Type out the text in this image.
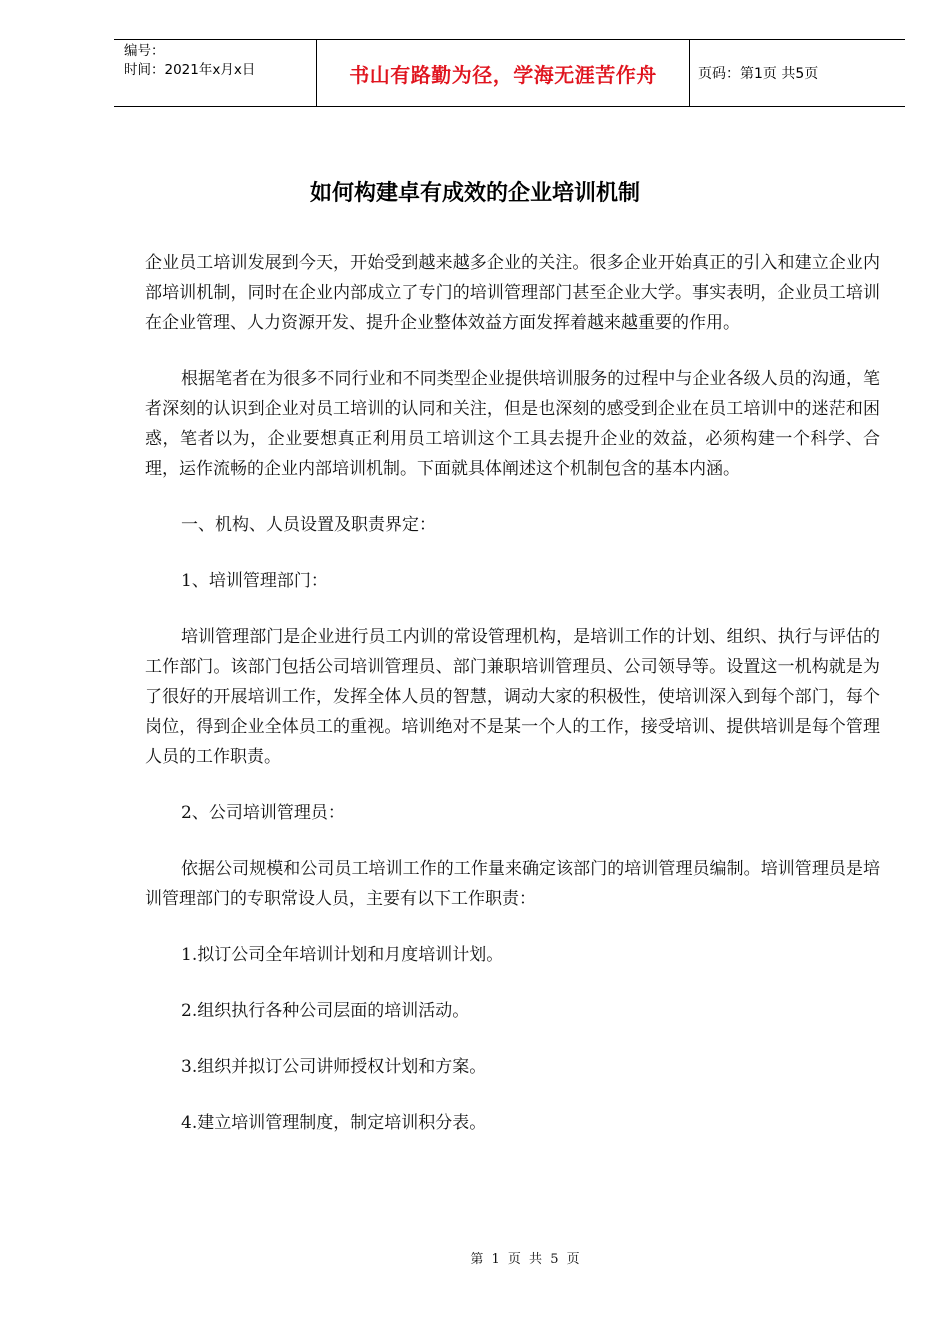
编号：
时间：2021年x月x日	书山有路勤为径，学海无涯苦作舟	页码：第1页 共5页
如何构建卓有成效的企业培训机制

企业员工培训发展到今天，开始受到越来越多企业的关注。很多企业开始真正的引入和建立企业内部培训机制，同时在企业内部成立了专门的培训管理部门甚至企业大学。事实表明，企业员工培训在企业管理、人力资源开发、提升企业整体效益方面发挥着越来越重要的作用。

根据笔者在为很多不同行业和不同类型企业提供培训服务的过程中与企业各级人员的沟通，笔者深刻的认识到企业对员工培训的认同和关注，但是也深刻的感受到企业在员工培训中的迷茫和困惑，笔者以为，企业要想真正利用员工培训这个工具去提升企业的效益，必须构建一个科学、合理，运作流畅的企业内部培训机制。下面就具体阐述这个机制包含的基本内涵。

一、机构、人员设置及职责界定：

1、培训管理部门：

培训管理部门是企业进行员工内训的常设管理机构，是培训工作的计划、组织、执行与评估的工作部门。该部门包括公司培训管理员、部门兼职培训管理员、公司领导等。设置这一机构就是为了很好的开展培训工作，发挥全体人员的智慧，调动大家的积极性，使培训深入到每个部门，每个岗位，得到企业全体员工的重视。培训绝对不是某一个人的工作，接受培训、提供培训是每个管理人员的工作职责。

2、公司培训管理员：

依据公司规模和公司员工培训工作的工作量来确定该部门的培训管理员编制。培训管理员是培训管理部门的专职常设人员，主要有以下工作职责：

1.拟订公司全年培训计划和月度培训计划。

2.组织执行各种公司层面的培训活动。

3.组织并拟订公司讲师授权计划和方案。

4.建立培训管理制度，制定培训积分表。

第 1 页 共 5 页
